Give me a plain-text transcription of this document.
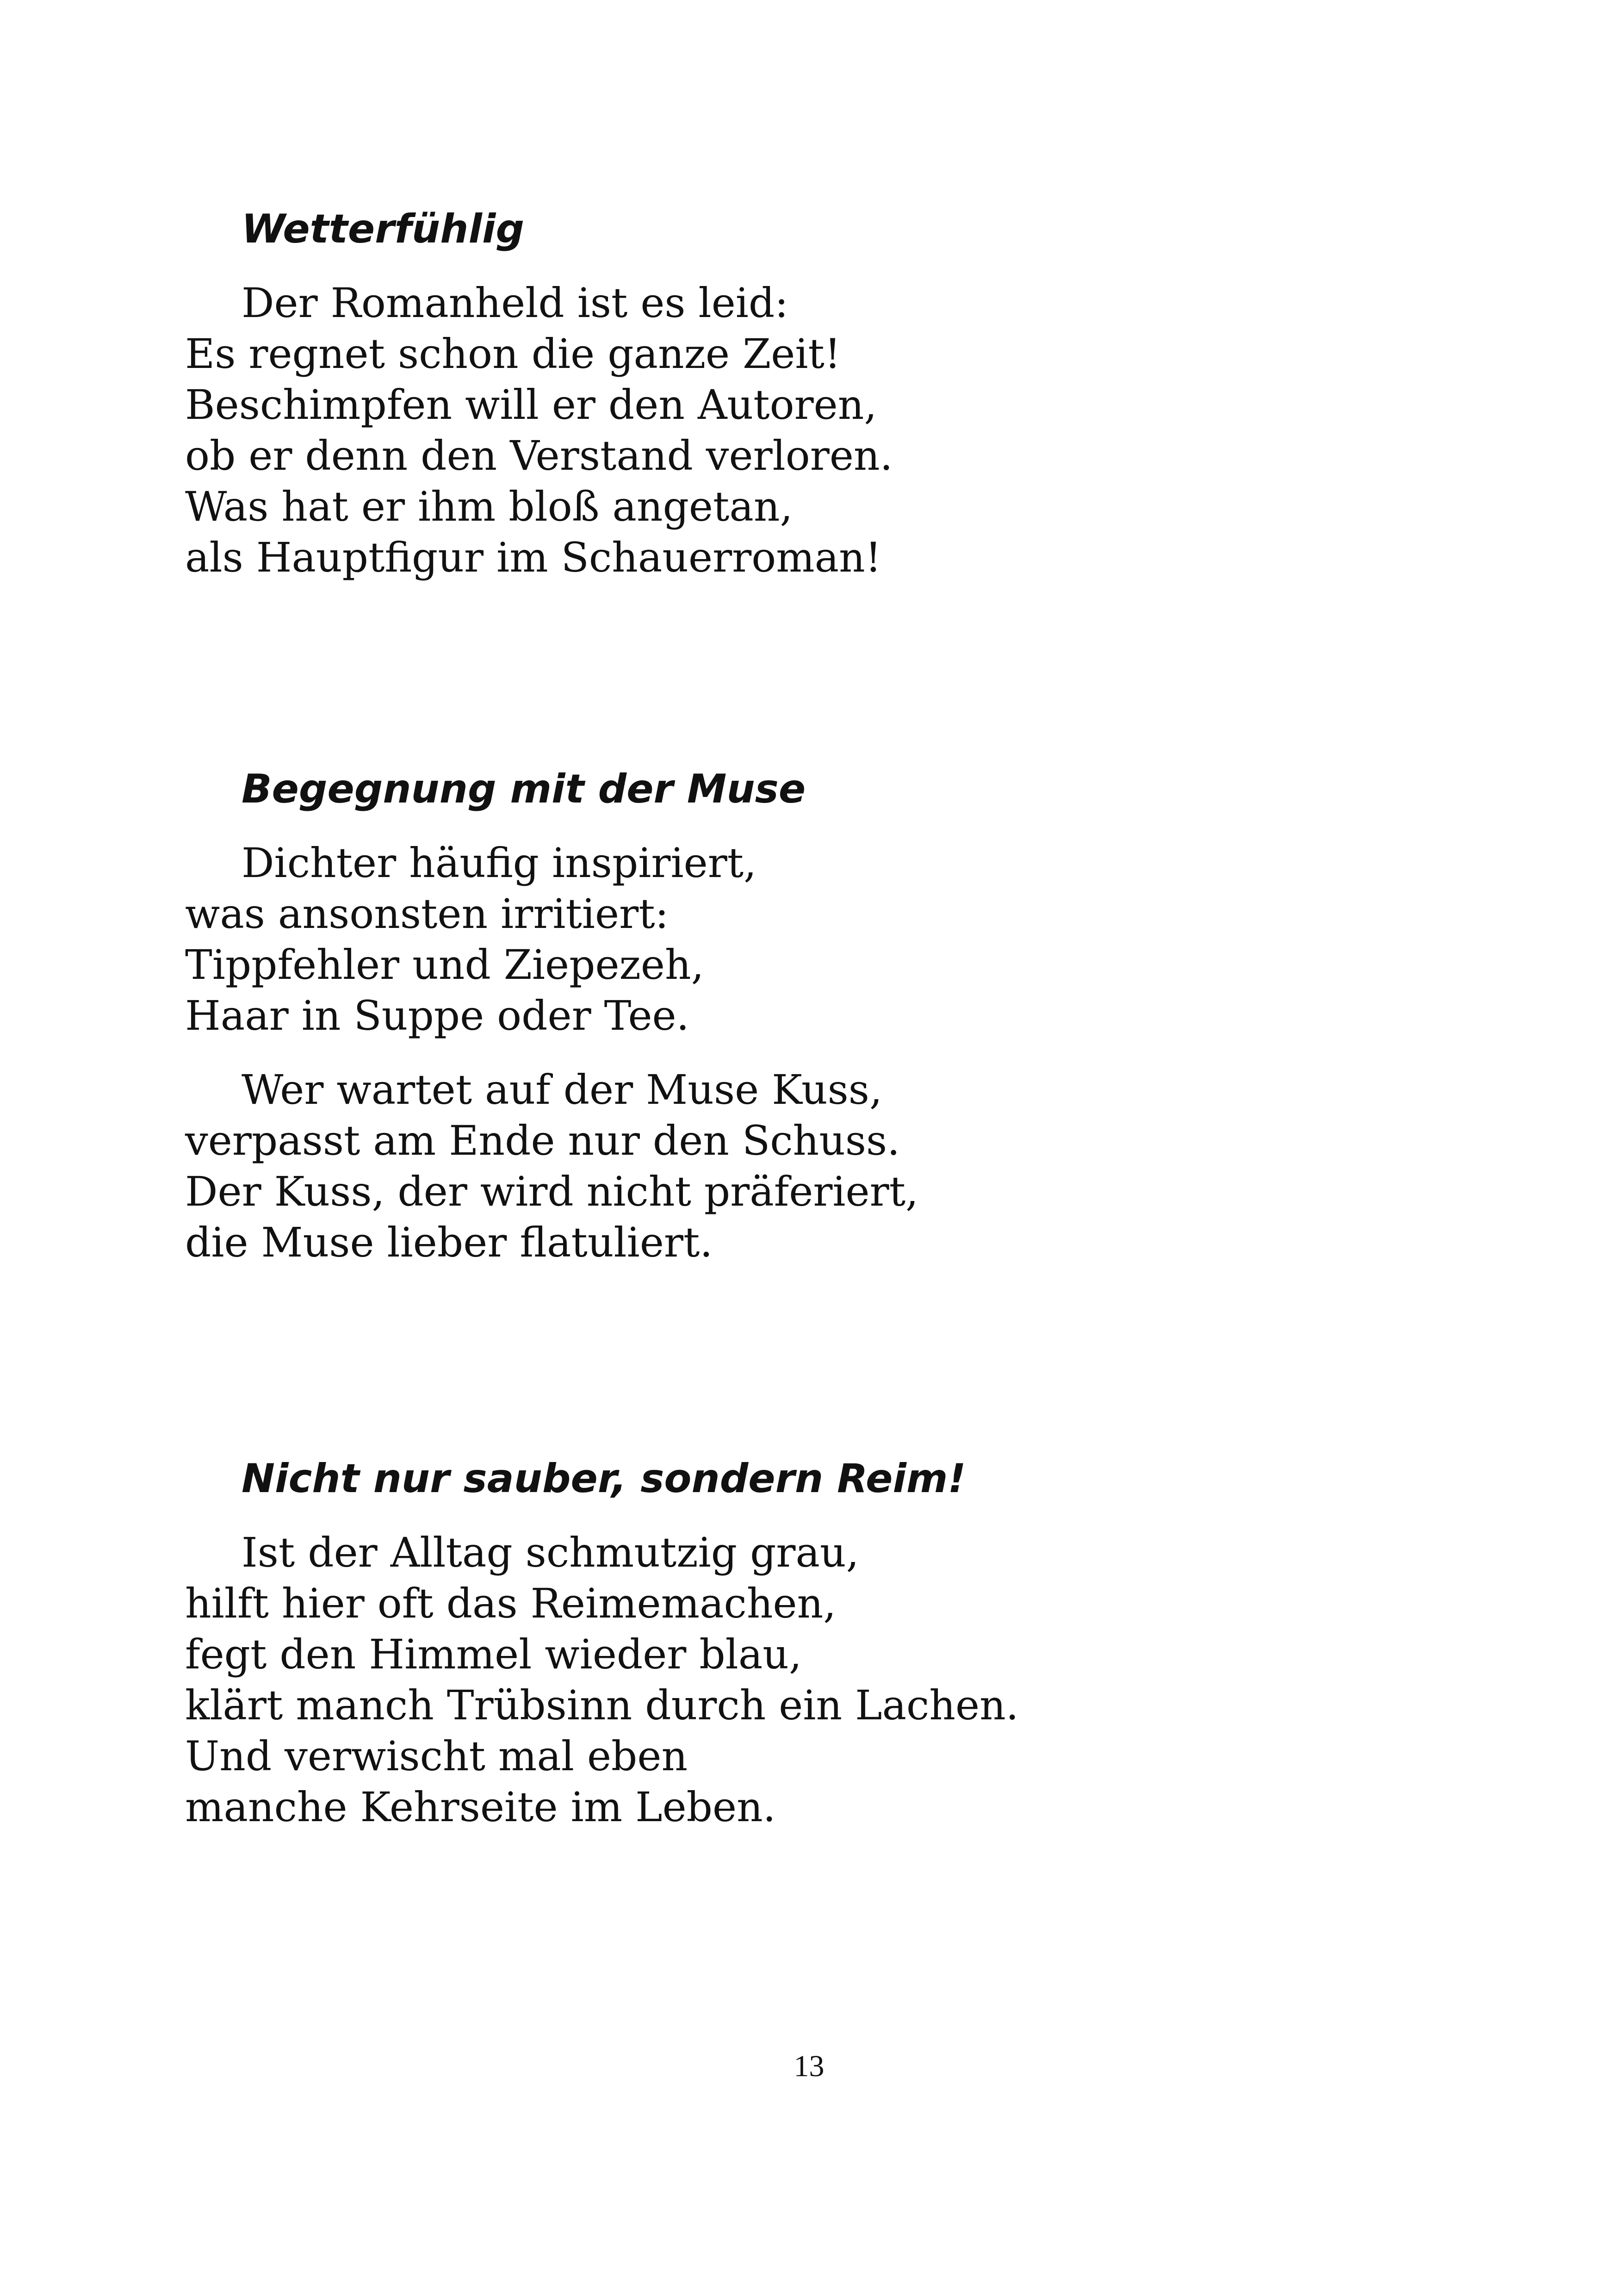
Wetterfühlig
Der Romanheld ist es leid:
Es regnet schon die ganze Zeit!
Beschimpfen will er den Autoren,
ob er denn den Verstand verloren.
Was hat er ihm bloß angetan,
als Hauptfigur im Schauerroman!
Begegnung mit der Muse
Dichter häufig inspiriert,
was ansonsten irritiert:
Tippfehler und Ziepezeh,
Haar in Suppe oder Tee.
Wer wartet auf der Muse Kuss,
verpasst am Ende nur den Schuss.
Der Kuss, der wird nicht präferiert,
die Muse lieber flatuliert.
Nicht nur sauber, sondern Reim!
Ist der Alltag schmutzig grau,
hilft hier oft das Reimemachen,
fegt den Himmel wieder blau,
klärt manch Trübsinn durch ein Lachen.
Und verwischt mal eben
manche Kehrseite im Leben.
13
